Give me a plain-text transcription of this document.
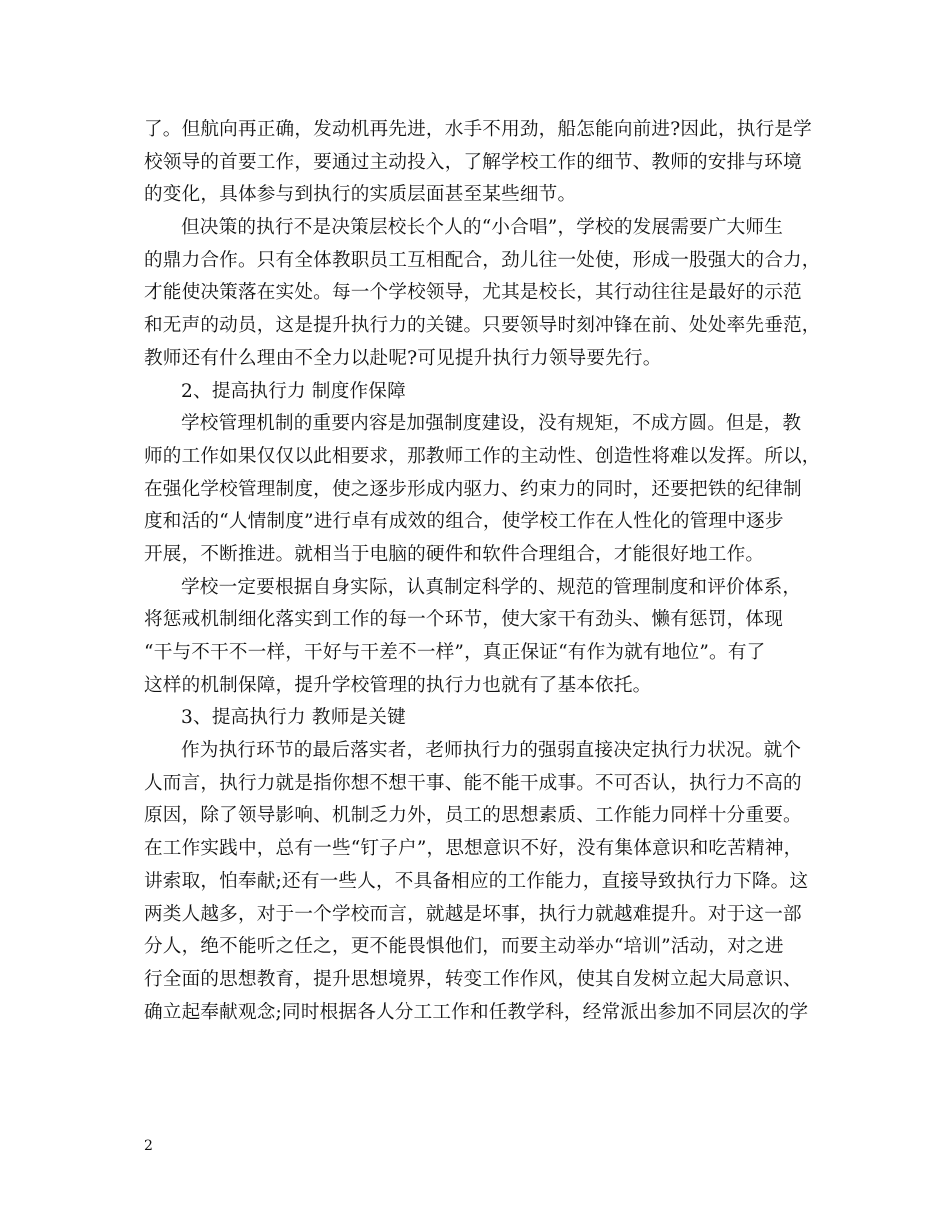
了。但航向再正确，发动机再先进，水手不用劲，船怎能向前进?因此，执行是学
校领导的首要工作，要通过主动投入，了解学校工作的细节、教师的安排与环境
的变化，具体参与到执行的实质层面甚至某些细节。
但决策的执行不是决策层校长个人的“小合唱”，学校的发展需要广大师生
的鼎力合作。只有全体教职员工互相配合，劲儿往一处使，形成一股强大的合力，
才能使决策落在实处。每一个学校领导，尤其是校长，其行动往往是最好的示范
和无声的动员，这是提升执行力的关键。只要领导时刻冲锋在前、处处率先垂范，
教师还有什么理由不全力以赴呢?可见提升执行力领导要先行。
2、提高执行力 制度作保障
学校管理机制的重要内容是加强制度建设，没有规矩，不成方圆。但是，教
师的工作如果仅仅以此相要求，那教师工作的主动性、创造性将难以发挥。所以，
在强化学校管理制度，使之逐步形成内驱力、约束力的同时，还要把铁的纪律制
度和活的“人情制度”进行卓有成效的组合，使学校工作在人性化的管理中逐步
开展，不断推进。就相当于电脑的硬件和软件合理组合，才能很好地工作。
学校一定要根据自身实际，认真制定科学的、规范的管理制度和评价体系，
将惩戒机制细化落实到工作的每一个环节，使大家干有劲头、懒有惩罚，体现
“干与不干不一样，干好与干差不一样”，真正保证“有作为就有地位”。有了
这样的机制保障，提升学校管理的执行力也就有了基本依托。
3、提高执行力 教师是关键
作为执行环节的最后落实者，老师执行力的强弱直接决定执行力状况。就个
人而言，执行力就是指你想不想干事、能不能干成事。不可否认，执行力不高的
原因，除了领导影响、机制乏力外，员工的思想素质、工作能力同样十分重要。
在工作实践中，总有一些“钉子户”，思想意识不好，没有集体意识和吃苦精神，
讲索取，怕奉献;还有一些人，不具备相应的工作能力，直接导致执行力下降。这
两类人越多，对于一个学校而言，就越是坏事，执行力就越难提升。对于这一部
分人，绝不能听之任之，更不能畏惧他们，而要主动举办“培训”活动，对之进
行全面的思想教育，提升思想境界，转变工作作风，使其自发树立起大局意识、
确立起奉献观念;同时根据各人分工工作和任教学科，经常派出参加不同层次的学
2
